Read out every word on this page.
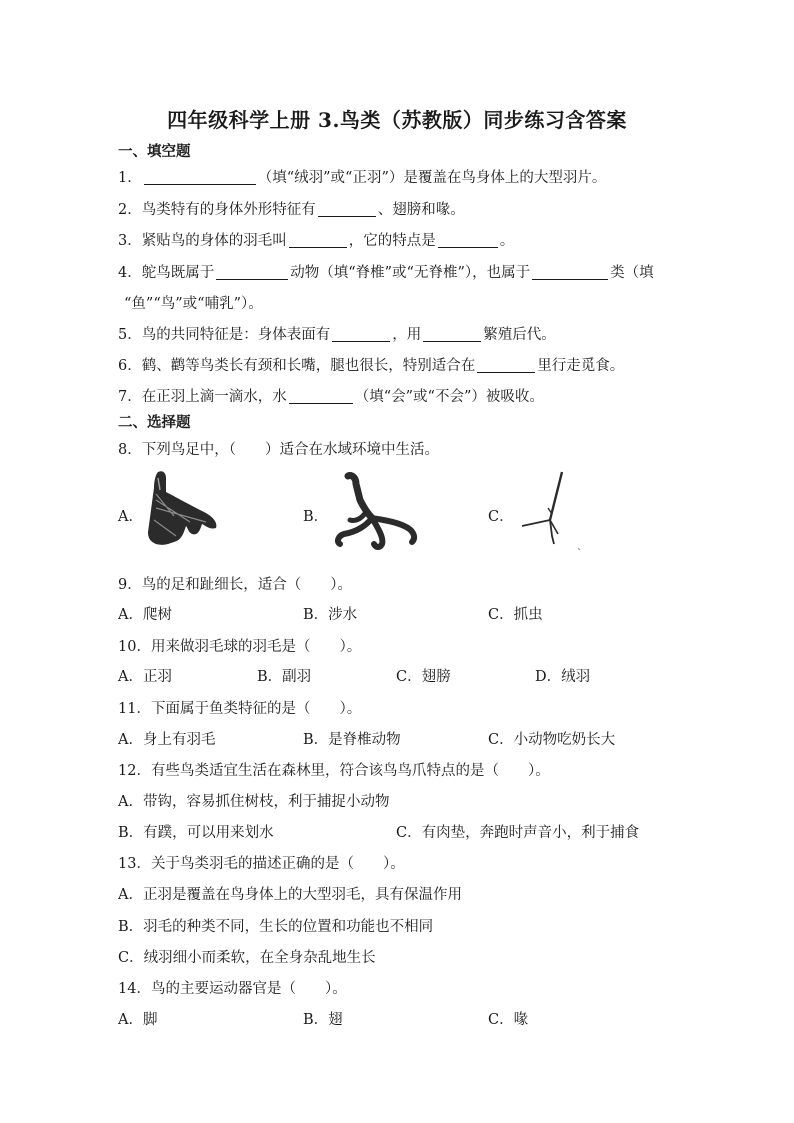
四年级科学上册 3.鸟类（苏教版）同步练习含答案
一、填空题
1．	（填“绒羽”或“正羽”）是覆盖在鸟身体上的大型羽片。
2．鸟类特有的身体外形特征有	、翅膀和喙。
3．紧贴鸟的身体的羽毛叫	，它的特点是	。
4．鸵鸟既属于	动物（填“脊椎”或“无脊椎”），也属于	类（填
“鱼”“鸟”或“哺乳”）。
5．鸟的共同特征是：身体表面有	，用	繁殖后代。
6．鹤、鹳等鸟类长有颈和长嘴，腿也很长，特别适合在	里行走觅食。
7．在正羽上滴一滴水，水	（填“会”或“不会”）被吸收。
二、选择题
8．下列鸟足中，（　　）适合在水域环境中生活。
A．	B．	C．
9．鸟的足和趾细长，适合（　　）。
A．爬树	B．涉水	C．抓虫
10．用来做羽毛球的羽毛是（　　）。
A．正羽	B．副羽	C．翅膀	D．绒羽
11．下面属于鱼类特征的是（　　）。
A．身上有羽毛	B．是脊椎动物	C．小动物吃奶长大
12．有些鸟类适宜生活在森林里，符合该鸟鸟爪特点的是（　　）。
A．带钩，容易抓住树枝，利于捕捉小动物
B．有蹼，可以用来划水	C．有肉垫，奔跑时声音小，利于捕食
13．关于鸟类羽毛的描述正确的是（　　）。
A．正羽是覆盖在鸟身体上的大型羽毛，具有保温作用
B．羽毛的种类不同，生长的位置和功能也不相同
C．绒羽细小而柔软，在全身杂乱地生长
14．鸟的主要运动器官是（　　）。
A．脚	B．翅	C．喙
